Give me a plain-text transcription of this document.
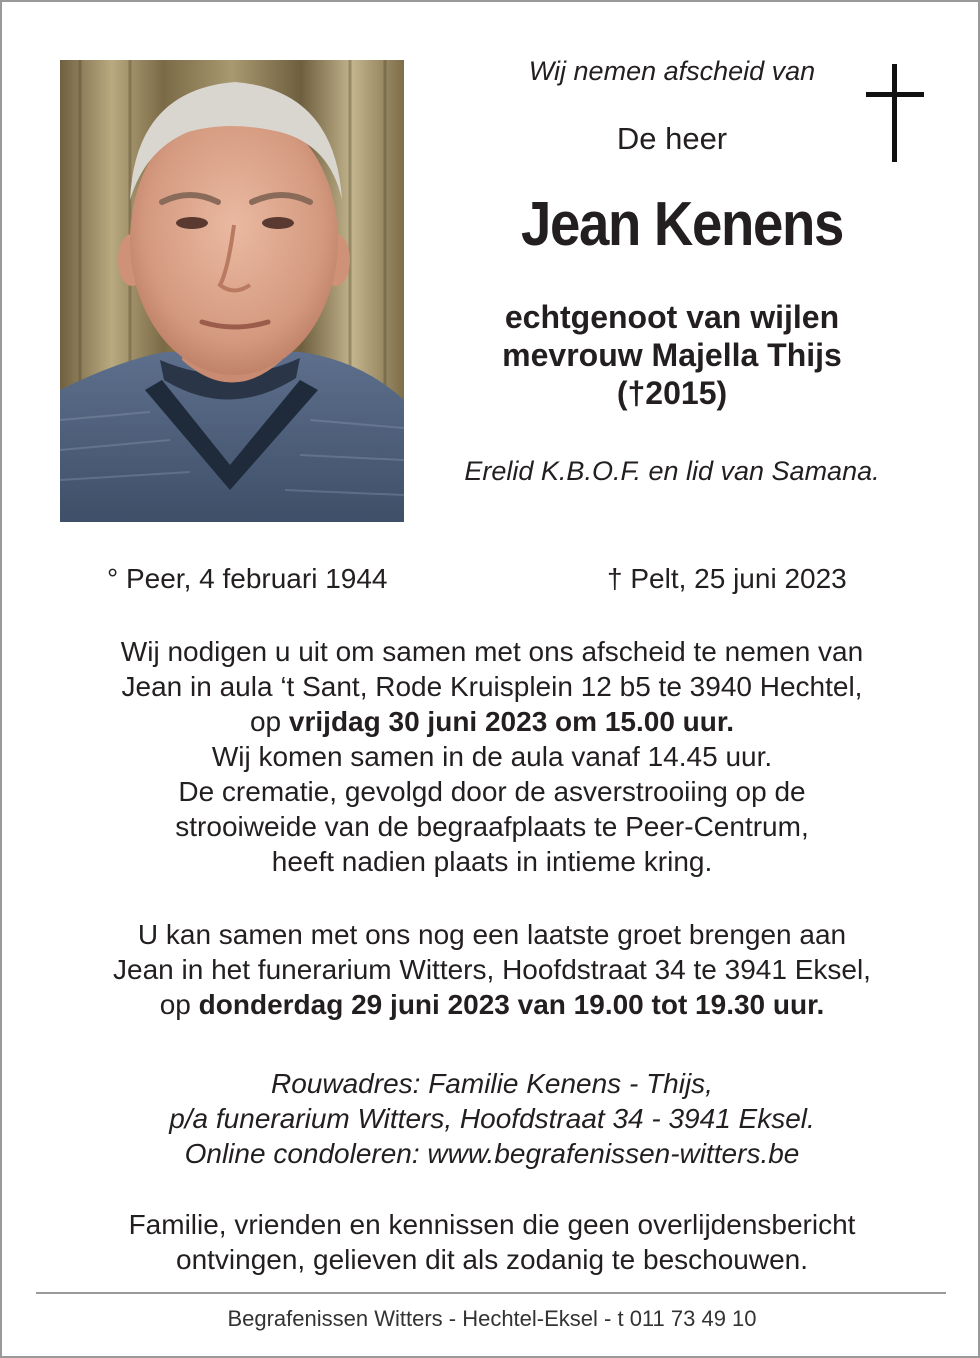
Wij nemen afscheid van
De heer
Jean Kenens
echtgenoot van wijlen
mevrouw Majella Thijs
(†2015)
Erelid K.B.O.F. en lid van Samana.
° Peer, 4 februari 1944	† Pelt, 25 juni 2023
Wij nodigen u uit om samen met ons afscheid te nemen van
Jean in aula ‘t Sant, Rode Kruisplein 12 b5 te 3940 Hechtel,
op vrijdag 30 juni 2023 om 15.00 uur.
Wij komen samen in de aula vanaf 14.45 uur.
De crematie, gevolgd door de asverstrooiing op de
strooiweide van de begraafplaats te Peer-Centrum,
heeft nadien plaats in intieme kring.
U kan samen met ons nog een laatste groet brengen aan
Jean in het funerarium Witters, Hoofdstraat 34 te 3941 Eksel,
op donderdag 29 juni 2023 van 19.00 tot 19.30 uur.
Rouwadres: Familie Kenens - Thijs,
p/a funerarium Witters, Hoofdstraat 34 - 3941 Eksel.
Online condoleren: www.begrafenissen-witters.be
Familie, vrienden en kennissen die geen overlijdensbericht
ontvingen, gelieven dit als zodanig te beschouwen.
Begrafenissen Witters - Hechtel-Eksel - t 011 73 49 10
